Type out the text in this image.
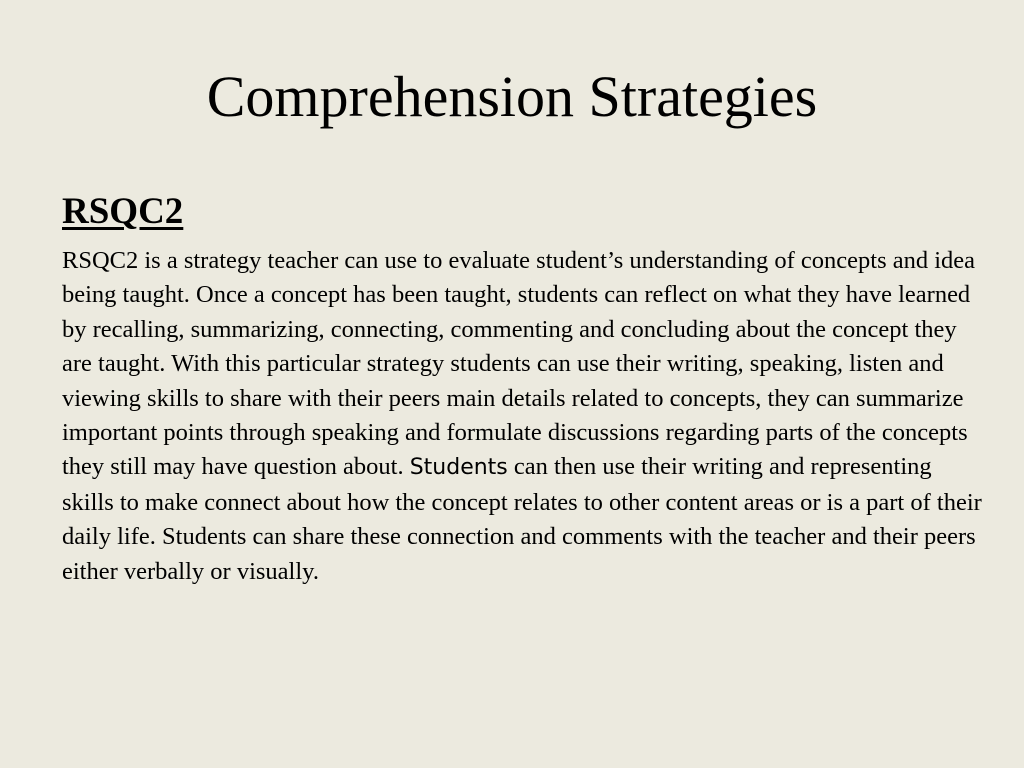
Comprehension Strategies
RSQC2

RSQC2 is a strategy teacher can use to evaluate student’s understanding of concepts and idea being taught. Once a concept has been taught, students can reflect on what they have learned by recalling, summarizing, connecting, commenting and concluding about the concept they are taught. With this particular strategy students can use their writing, speaking, listen and viewing skills to share with their peers main details related to concepts, they can summarize important points through speaking and formulate discussions regarding parts of the concepts they still may have question about. Students can then use their writing and representing skills to make connect about how the concept relates to other content areas or is a part of their daily life. Students can share these connection and comments with the teacher and their peers either verbally or visually.
